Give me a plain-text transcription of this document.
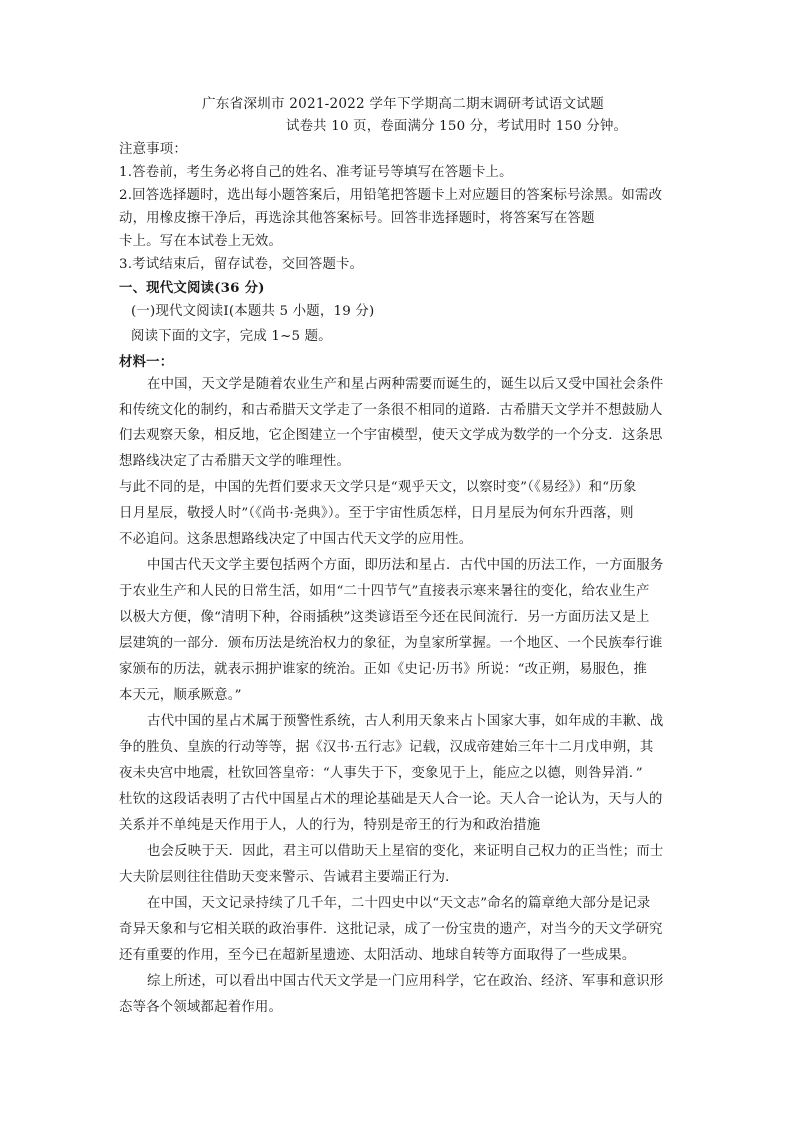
广东省深圳市 2021-2022 学年下学期高二期末调研考试语文试题
试卷共 10 页，卷面满分 150 分，考试用时 150 分钟。
注意事项：
1.答卷前，考生务必将自己的姓名、准考证号等填写在答题卡上。
2.回答选择题时，选出每小题答案后，用铅笔把答题卡上对应题目的答案标号涂黑。如需改
动，用橡皮擦干净后，再选涂其他答案标号。回答非选择题时，将答案写在答题
卡上。写在本试卷上无效。
3.考试结束后，留存试卷，交回答题卡。
一、现代文阅读(36 分)
(一)现代文阅读Ⅰ(本题共 5 小题，19 分)
阅读下面的文字，完成 1~5 题。
材料一：
在中国，天文学是随着农业生产和星占两种需要而诞生的，诞生以后又受中国社会条件
和传统文化的制约，和古希腊天文学走了一条很不相同的道路．古希腊天文学并不想鼓励人
们去观察天象，相反地，它企图建立一个宇宙模型，使天文学成为数学的一个分支．这条思
想路线决定了古希腊天文学的唯理性。
与此不同的是，中国的先哲们要求天文学只是“观乎天文，以察时变”（《易经》）和“历象
日月星辰，敬授人时”（《尚书·尧典》）。至于宇宙性质怎样，日月星辰为何东升西落，则
不必追问。这条思想路线决定了中国古代天文学的应用性。
中国古代天文学主要包括两个方面，即历法和星占．古代中国的历法工作，一方面服务
于农业生产和人民的日常生活，如用“二十四节气”直接表示寒来暑往的变化，给农业生产
以极大方便，像“清明下种，谷雨插秧”这类谚语至今还在民间流行．另一方面历法又是上
层建筑的一部分．颁布历法是统治权力的象征，为皇家所掌握。一个地区、一个民族奉行谁
家颁布的历法，就表示拥护谁家的统治。正如《史记·历书》所说：“改正朔，易服色，推
本天元，顺承厥意。”
古代中国的星占术属于预警性系统，古人利用天象来占卜国家大事，如年成的丰歉、战
争的胜负、皇族的行动等等，据《汉书·五行志》记载，汉成帝建始三年十二月戊申朔，其
夜未央宫中地震，杜钦回答皇帝：“人事失于下，变象见于上，能应之以德，则咎异消．”
杜钦的这段话表明了古代中国星占术的理论基础是天人合一论。天人合一论认为，天与人的
关系并不单纯是天作用于人，人的行为，特别是帝王的行为和政治措施
也会反映于天．因此，君主可以借助天上星宿的变化，来证明自己权力的正当性；而士
大夫阶层则往往借助天变来警示、告诫君主要端正行为．
在中国，天文记录持续了几千年，二十四史中以“天文志”命名的篇章绝大部分是记录
奇异天象和与它相关联的政治事件．这批记录，成了一份宝贵的遗产，对当今的天文学研究
还有重要的作用，至今已在超新星遗迹、太阳活动、地球自转等方面取得了一些成果。
综上所述，可以看出中国古代天文学是一门应用科学，它在政治、经济、军事和意识形
态等各个领域都起着作用。
